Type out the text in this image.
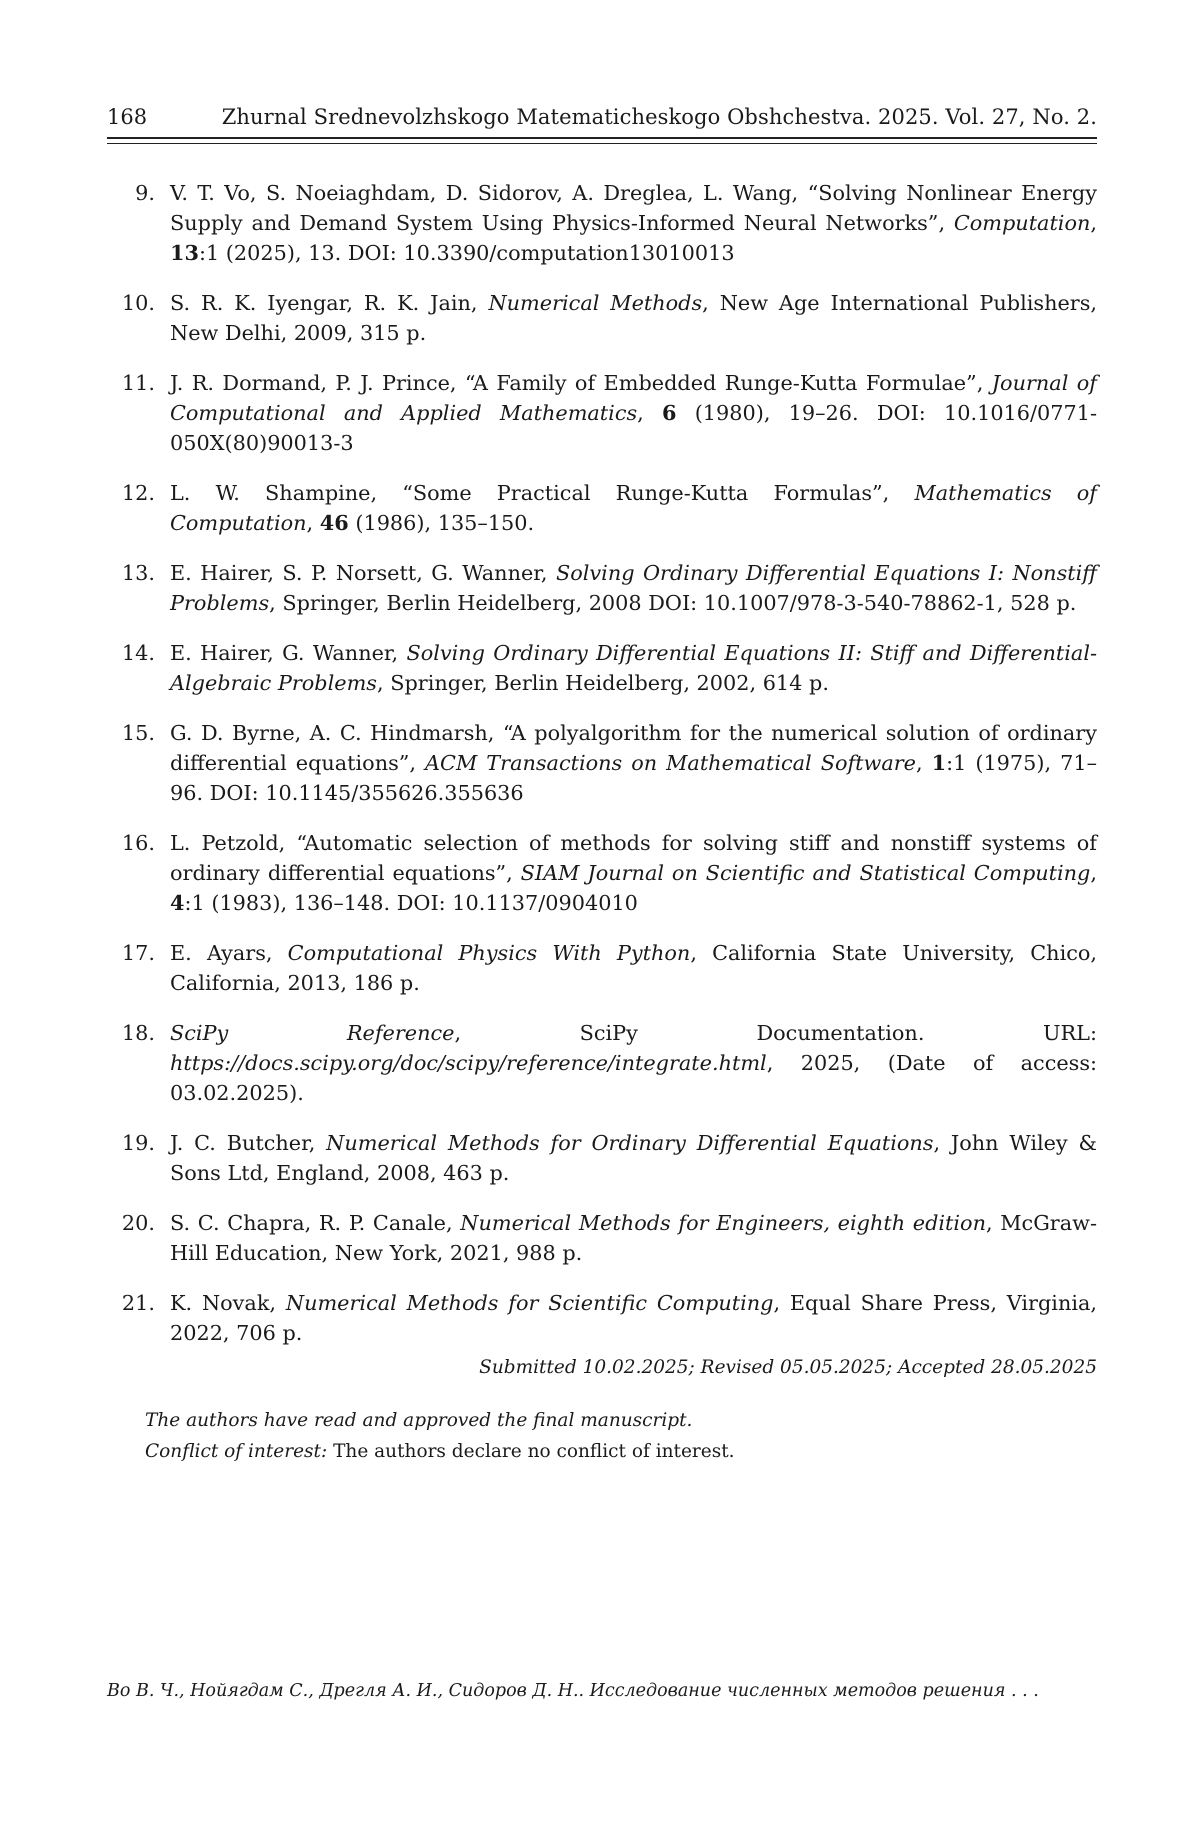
168	Zhurnal Srednevolzhskogo Matematicheskogo Obshchestva. 2025. Vol. 27, No. 2.
9. V. T. Vo, S. Noeiaghdam, D. Sidorov, A. Dreglea, L. Wang, “Solving Nonlinear Energy Supply and Demand System Using Physics-Informed Neural Networks”, Computation, 13:1 (2025), 13. DOI: 10.3390/computation13010013
10. S. R. K. Iyengar, R. K. Jain, Numerical Methods, New Age International Publishers, New Delhi, 2009, 315 p.
11. J. R. Dormand, P. J. Prince, “A Family of Embedded Runge-Kutta Formulae”, Journal of Computational and Applied Mathematics, 6 (1980), 19–26. DOI: 10.1016/0771-050X(80)90013-3
12. L. W. Shampine, “Some Practical Runge-Kutta Formulas”, Mathematics of Computation, 46 (1986), 135–150.
13. E. Hairer, S. P. Norsett, G. Wanner, Solving Ordinary Differential Equations I: Nonstiff Problems, Springer, Berlin Heidelberg, 2008 DOI: 10.1007/978-3-540-78862-1, 528 p.
14. E. Hairer, G. Wanner, Solving Ordinary Differential Equations II: Stiff and Differential-Algebraic Problems, Springer, Berlin Heidelberg, 2002, 614 p.
15. G. D. Byrne, A. C. Hindmarsh, “A polyalgorithm for the numerical solution of ordinary differential equations”, ACM Transactions on Mathematical Software, 1:1 (1975), 71–96. DOI: 10.1145/355626.355636
16. L. Petzold, “Automatic selection of methods for solving stiff and nonstiff systems of ordinary differential equations”, SIAM Journal on Scientific and Statistical Computing, 4:1 (1983), 136–148. DOI: 10.1137/0904010
17. E. Ayars, Computational Physics With Python, California State University, Chico, California, 2013, 186 p.
18. SciPy Reference, SciPy Documentation. URL: https://docs.scipy.org/doc/scipy/reference/integrate.html, 2025, (Date of access: 03.02.2025).
19. J. C. Butcher, Numerical Methods for Ordinary Differential Equations, John Wiley & Sons Ltd, England, 2008, 463 p.
20. S. C. Chapra, R. P. Canale, Numerical Methods for Engineers, eighth edition, McGraw-Hill Education, New York, 2021, 988 p.
21. K. Novak, Numerical Methods for Scientific Computing, Equal Share Press, Virginia, 2022, 706 p.
Submitted 10.02.2025; Revised 05.05.2025; Accepted 28.05.2025
The authors have read and approved the final manuscript.
Conflict of interest: The authors declare no conflict of interest.
Во В. Ч., Нойягдам С., Дрегля А. И., Сидоров Д. Н.. Исследование численных методов решения . . .
